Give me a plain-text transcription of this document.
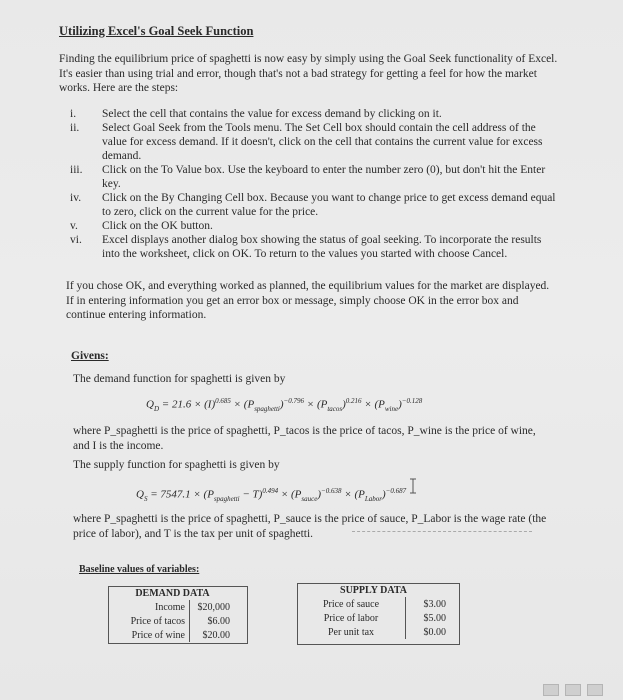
Utilizing Excel's Goal Seek Function
Finding the equilibrium price of spaghetti is now easy by simply using the Goal Seek functionality of Excel. It's easier than using trial and error, though that's not a bad strategy for getting a feel for how the market works. Here are the steps:
i.	Select the cell that contains the value for excess demand by clicking on it.
ii.	Select Goal Seek from the Tools menu. The Set Cell box should contain the cell address of the value for excess demand. If it doesn't, click on the cell that contains the current value for excess demand.
iii.	Click on the To Value box. Use the keyboard to enter the number zero (0), but don't hit the Enter key.
iv.	Click on the By Changing Cell box. Because you want to change price to get excess demand equal to zero, click on the current value for the price.
v.	Click on the OK button.
vi.	Excel displays another dialog box showing the status of goal seeking. To incorporate the results into the worksheet, click on OK. To return to the values you started with choose Cancel.
If you chose OK, and everything worked as planned, the equilibrium values for the market are displayed. If in entering information you get an error box or message, simply choose OK in the error box and continue entering information.
Givens:
The demand function for spaghetti is given by
$Q_D = 21.6 \times (I)^{0.685} \times (P_{spaghetti})^{-0.796} \times (P_{tacos})^{0.216} \times (P_{wine})^{-0.128}$
where P_spaghetti is the price of spaghetti, P_tacos is the price of tacos, P_wine is the price of wine, and I is the income.
The supply function for spaghetti is given by
$Q_S = 7547.1 \times (P_{spaghetti} - T)^{0.494} \times (P_{sauce})^{-0.638} \times (P_{Labor})^{-0.687}$
where P_spaghetti is the price of spaghetti, P_sauce is the price of sauce, P_Labor is the wage rate (the price of labor), and T is the tax per unit of spaghetti.
Baseline values of variables:
DEMAND DATA	
Income	$20,000
Price of tacos	$6.00
Price of wine	$20.00
SUPPLY DATA	
Price of sauce	$3.00
Price of labor	$5.00
Per unit tax	$0.00
